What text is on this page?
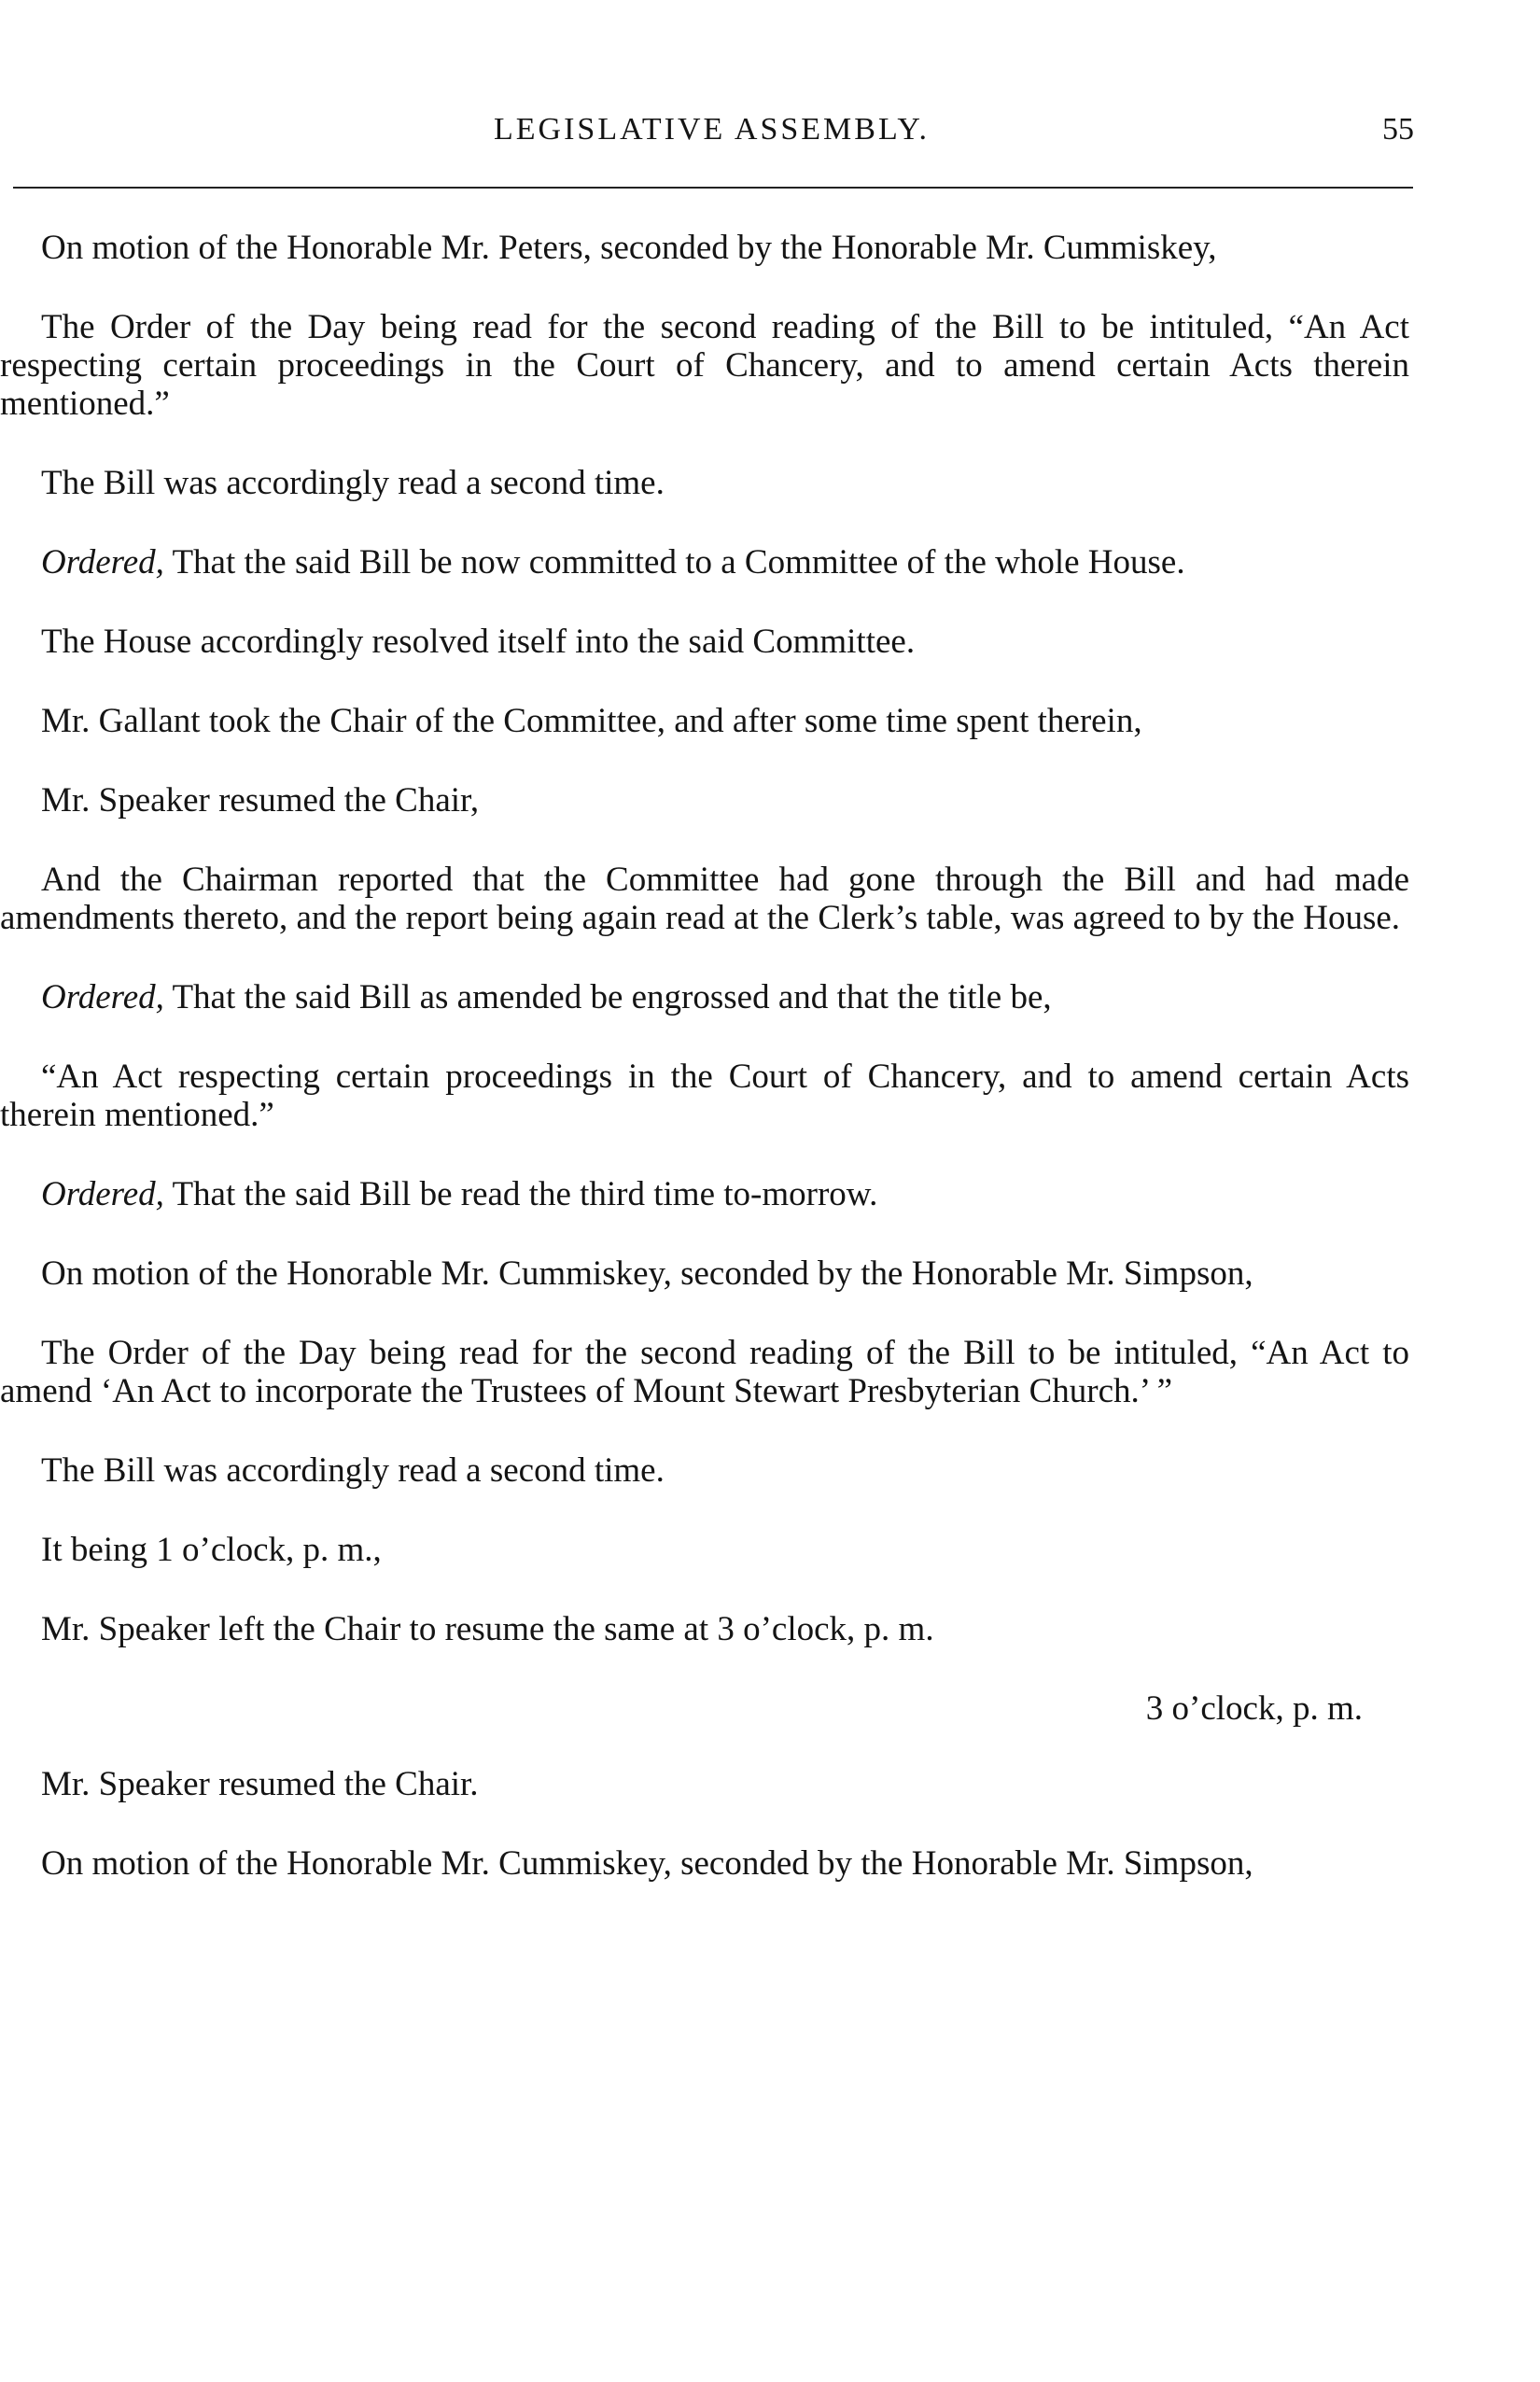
LEGISLATIVE ASSEMBLY.	55

On motion of the Honorable Mr. Peters, seconded by the Honorable Mr. Cummiskey,

The Order of the Day being read for the second reading of the Bill to be intituled, “An Act respecting certain proceedings in the Court of Chancery, and to amend certain Acts therein mentioned.”

The Bill was accordingly read a second time.

Ordered, That the said Bill be now committed to a Committee of the whole House.

The House accordingly resolved itself into the said Committee.

Mr. Gallant took the Chair of the Committee, and after some time spent therein,

Mr. Speaker resumed the Chair,

And the Chairman reported that the Committee had gone through the Bill and had made amendments thereto, and the report being again read at the Clerk’s table, was agreed to by the House.

Ordered, That the said Bill as amended be engrossed and that the title be,

“An Act respecting certain proceedings in the Court of Chancery, and to amend certain Acts therein mentioned.”

Ordered, That the said Bill be read the third time to-morrow.

On motion of the Honorable Mr. Cummiskey, seconded by the Honorable Mr. Simpson,

The Order of the Day being read for the second reading of the Bill to be intituled, “An Act to amend ‘An Act to incorporate the Trustees of Mount Stewart Presbyterian Church.’ ”

The Bill was accordingly read a second time.

It being 1 o’clock, p. m.,

Mr. Speaker left the Chair to resume the same at 3 o’clock, p. m.

3 o’clock, p. m.

Mr. Speaker resumed the Chair.

On motion of the Honorable Mr. Cummiskey, seconded by the Honorable Mr. Simpson,
